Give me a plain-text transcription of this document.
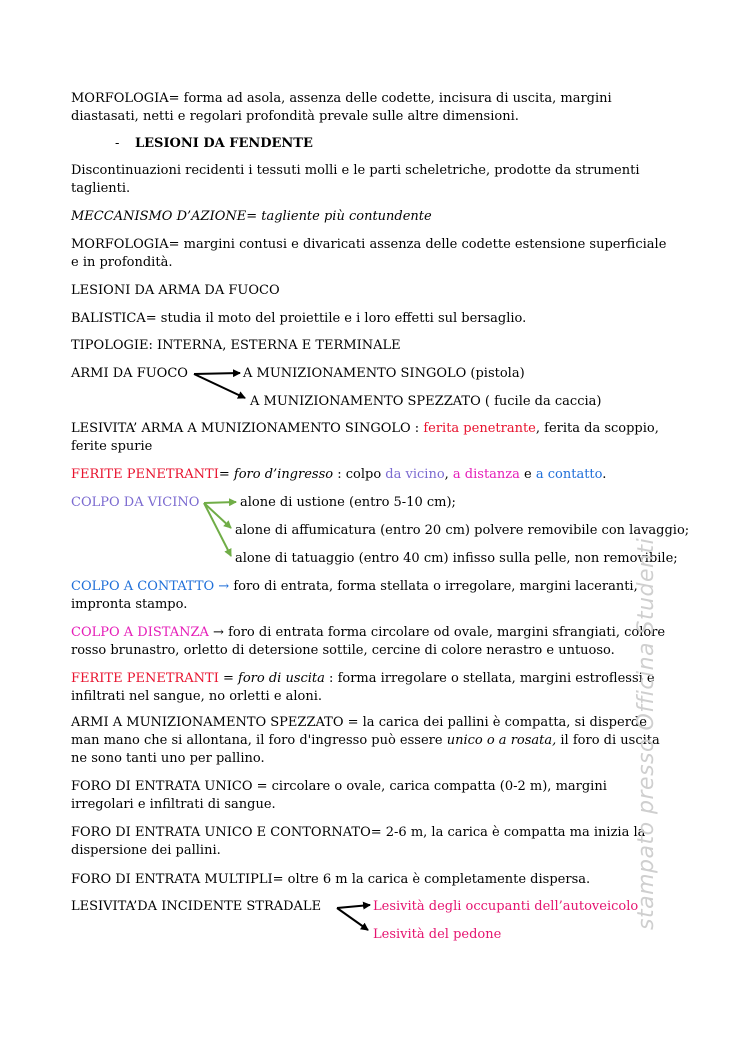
MORFOLOGIA= forma ad asola, assenza delle codette, incisura di uscita, margini diastasati, netti e regolari profondità prevale sulle altre dimensioni.

- LESIONI DA FENDENTE

Discontinuazioni recidenti i tessuti molli e le parti scheletriche, prodotte da strumenti taglienti.

MECCANISMO D’AZIONE= tagliente più contundente

MORFOLOGIA= margini contusi e divaricati assenza delle codette estensione superficiale e in profondità.

LESIONI DA ARMA DA FUOCO

BALISTICA= studia il moto del proiettile e i loro effetti sul bersaglio.

TIPOLOGIE: INTERNA, ESTERNA E TERMINALE

ARMI DA FUOCO	A MUNIZIONAMENTO SINGOLO (pistola)
A MUNIZIONAMENTO SPEZZATO ( fucile da caccia)

LESIVITA’ ARMA A MUNIZIONAMENTO SINGOLO : ferita penetrante, ferita da scoppio, ferite spurie

FERITE PENETRANTI= foro d’ingresso : colpo da vicino, a distanza e a contatto.

COLPO DA VICINO	alone di ustione (entro 5-10 cm);
alone di affumicatura (entro 20 cm) polvere removibile con lavaggio;
alone di tatuaggio (entro 40 cm) infisso sulla pelle, non removibile;

COLPO A CONTATTO → foro di entrata, forma stellata o irregolare, margini laceranti, impronta stampo.

COLPO A DISTANZA → foro di entrata forma circolare od ovale, margini sfrangiati, colore rosso brunastro, orletto di detersione sottile, cercine di colore nerastro e untuoso.

FERITE PENETRANTI = foro di uscita : forma irregolare o stellata, margini estroflessi e infiltrati nel sangue, no orletti e aloni.

ARMI A MUNIZIONAMENTO SPEZZATO = la carica dei pallini è compatta, si disperde man mano che si allontana, il foro d'ingresso può essere unico o a rosata, il foro di uscita ne sono tanti uno per pallino.

FORO DI ENTRATA UNICO = circolare o ovale, carica compatta (0-2 m), margini irregolari e infiltrati di sangue.

FORO DI ENTRATA UNICO E CONTORNATO= 2-6 m, la carica è compatta ma inizia la dispersione dei pallini.

FORO DI ENTRATA MULTIPLI= oltre 6 m la carica è completamente dispersa.

LESIVITA’DA INCIDENTE STRADALE	Lesività degli occupanti dell’autoveicolo
Lesività del pedone
stampato presso Officina Studenti
